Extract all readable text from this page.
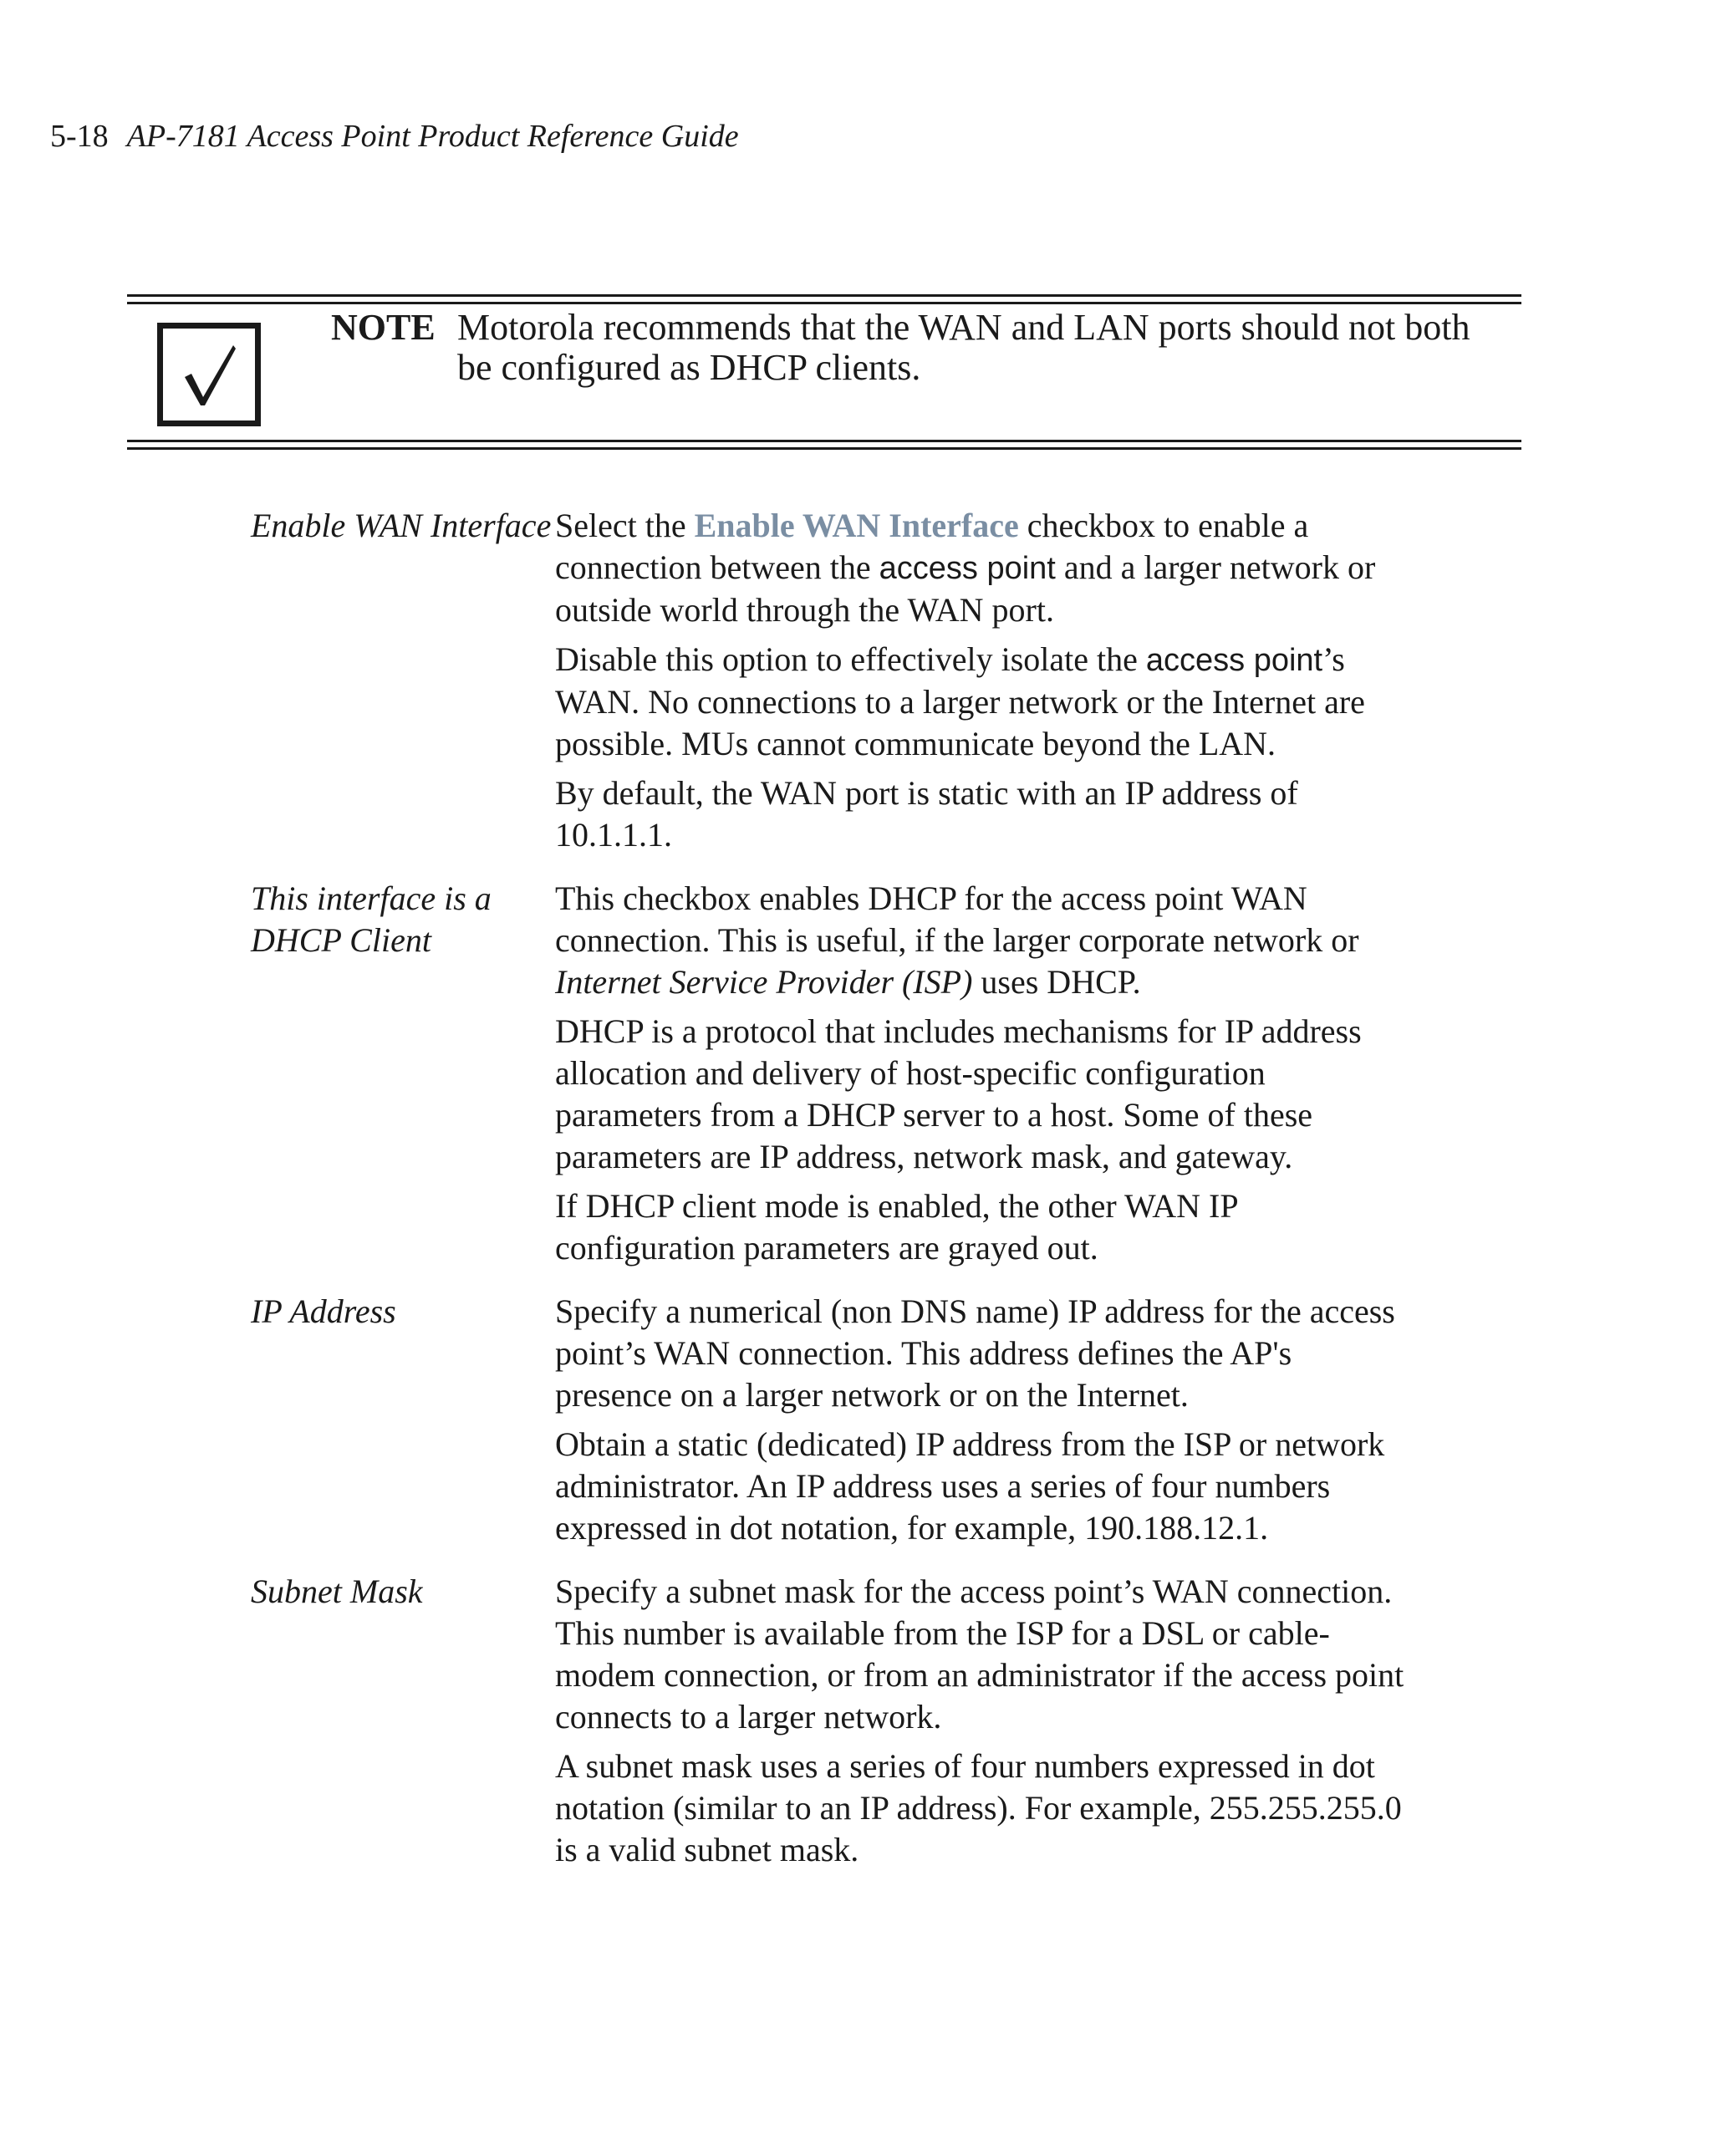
5-18 AP-7181 Access Point Product Reference Guide
NOTE Motorola recommends that the WAN and LAN ports should not both be configured as DHCP clients.
Enable WAN Interface Select the Enable WAN Interface checkbox to enable a connection between the access point and a larger network or outside world through the WAN port.

Disable this option to effectively isolate the access point’s WAN. No connections to a larger network or the Internet are possible. MUs cannot communicate beyond the LAN.

By default, the WAN port is static with an IP address of 10.1.1.1.

This interface is a DHCP Client

This checkbox enables DHCP for the access point WAN connection. This is useful, if the larger corporate network or Internet Service Provider (ISP) uses DHCP.

DHCP is a protocol that includes mechanisms for IP address allocation and delivery of host-specific configuration parameters from a DHCP server to a host. Some of these parameters are IP address, network mask, and gateway.

If DHCP client mode is enabled, the other WAN IP configuration parameters are grayed out.

IP Address	Specify a numerical (non DNS name) IP address for the access point’s WAN connection. This address defines the AP's presence on a larger network or on the Internet.

Obtain a static (dedicated) IP address from the ISP or network administrator. An IP address uses a series of four numbers expressed in dot notation, for example, 190.188.12.1.

Subnet Mask	Specify a subnet mask for the access point’s WAN connection. This number is available from the ISP for a DSL or cable-modem connection, or from an administrator if the access point connects to a larger network.

A subnet mask uses a series of four numbers expressed in dot notation (similar to an IP address). For example, 255.255.255.0 is a valid subnet mask.
